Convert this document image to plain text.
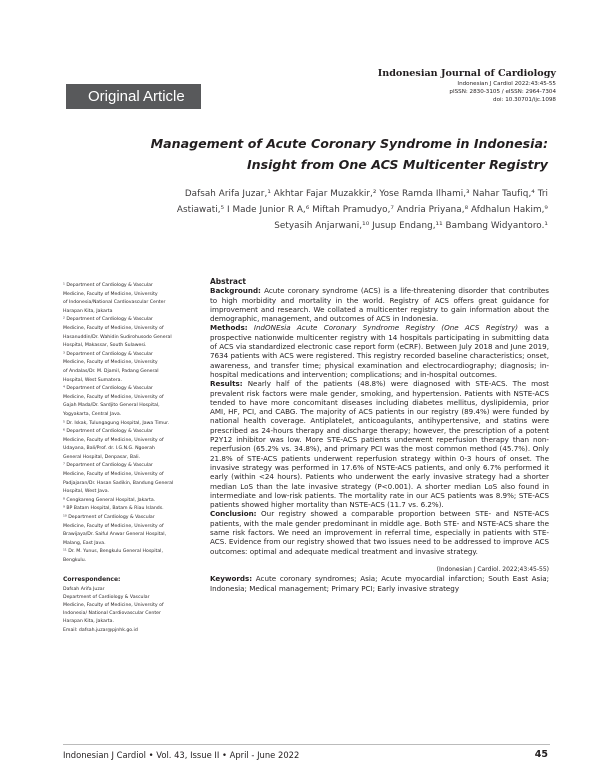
Indonesian Journal of Cardiology
Indonesian J Cardiol 2022:43:45-55
pISSN: 2830-3105 / eISSN: 2964-7304
doi: 10.30701/ijc.1098
Original Article
Management of Acute Coronary Syndrome in Indonesia:
Insight from One ACS Multicenter Registry
Dafsah Arifa Juzar,¹ Akhtar Fajar Muzakkir,² Yose Ramda Ilhami,³ Nahar Taufiq,⁴ Tri
Astiawati,⁵ I Made Junior R A,⁶ Miftah Pramudyo,⁷ Andria Priyana,⁸ Afdhalun Hakim,⁹
Setyasih Anjarwani,¹⁰ Jusup Endang,¹¹ Bambang Widyantoro.¹
¹ Department of Cardiology & Vascular
Medicine, Faculty of Medicine, University
of Indonesia/National Cardiovascular Center
Harapan Kita, Jakarta
² Department of Cardiology & Vascular
Medicine, Faculty of Medicine, University of
Hasanuddin/Dr. Wahidin Sudirohusodo General
Hospital, Makassar, South Sulawesi.
³ Department of Cardiology & Vascular
Medicine, Faculty of Medicine, University
of Andalas/Dr. M. Djamil, Padang General
Hospital, West Sumatera.
⁴ Department of Cardiology & Vascular
Medicine, Faculty of Medicine, University of
Gajah Mada/Dr. Sardjito General Hospital,
Yogyakarta, Central Java.
⁵ Dr. Iskak, Tulungagung Hospital, Jawa Timur.
⁶ Department of Cardiology & Vascular
Medicine, Faculty of Medicine, University of
Udayana, Bali/Prof. dr. I.G.N.G. Ngoerah
General Hospital, Denpasar, Bali.
⁷ Department of Cardiology & Vascular
Medicine, Faculty of Medicine, University of
Padjajaran/Dr. Hasan Sadikin, Bandung General
Hospital, West Java.
⁸ Cengkareng General Hospital, Jakarta.
⁹ BP Batam Hospital, Batam & Riau Islands.
¹⁰ Department of Cardiology & Vascular
Medicine, Faculty of Medicine, University of
Brawijaya/Dr. Saiful Anwar General Hospital,
Malang, East Java.
¹¹ Dr. M. Yunus, Bengkulu General Hospital,
Bengkulu.
Correspondence:
Dafsah Arifa Juzar
Department of Cardiology & Vascular
Medicine, Faculty of Medicine, University of
Indonesia/ National Cardiovascular Center
Harapan Kita, Jakarta.
Email: dafsah.juzar@pjnhk.go.id
Abstract

Background: Acute coronary syndrome (ACS) is a life-threatening disorder that contributes to high morbidity and mortality in the world. Registry of ACS offers great guidance for improvement and research. We collated a multicenter registry to gain information about the demographic, management, and outcomes of ACS in Indonesia.

Methods: IndONEsia Acute Coronary Syndrome Registry (One ACS Registry) was a prospective nationwide multicenter registry with 14 hospitals participating in submitting data of ACS via standardized electronic case report form (eCRF). Between July 2018 and June 2019, 7634 patients with ACS were registered. This registry recorded baseline characteristics; onset, awareness, and transfer time; physical examination and electrocardiography; diagnosis; in-hospital medications and intervention; complications; and in-hospital outcomes.

Results: Nearly half of the patients (48.8%) were diagnosed with STE-ACS. The most prevalent risk factors were male gender, smoking, and hypertension. Patients with NSTE-ACS tended to have more concomitant diseases including diabetes mellitus, dyslipidemia, prior AMI, HF, PCI, and CABG. The majority of ACS patients in our registry (89.4%) were funded by national health coverage. Antiplatelet, anticoagulants, antihypertensive, and statins were prescribed as 24-hours therapy and discharge therapy; however, the prescription of a potent P2Y12 inhibitor was low. More STE-ACS patients underwent reperfusion therapy than non-reperfusion (65.2% vs. 34.8%), and primary PCI was the most common method (45.7%). Only 21.8% of STE-ACS patients underwent reperfusion strategy within 0-3 hours of onset. The invasive strategy was performed in 17.6% of NSTE-ACS patients, and only 6.7% performed it early (within <24 hours). Patients who underwent the early invasive strategy had a shorter median LoS than the late invasive strategy (P<0.001). A shorter median LoS also found in intermediate and low-risk patients. The mortality rate in our ACS patients was 8.9%; STE-ACS patients showed higher mortality than NSTE-ACS (11.7 vs. 6.2%).

Conclusion: Our registry showed a comparable proportion between STE- and NSTE-ACS patients, with the male gender predominant in middle age. Both STE- and NSTE-ACS share the same risk factors. We need an improvement in referral time, especially in patients with STE-ACS. Evidence from our registry showed that two issues need to be addressed to improve ACS outcomes: optimal and adequate medical treatment and invasive strategy.

(Indonesian J Cardiol. 2022;43:45-55)

Keywords: Acute coronary syndromes; Asia; Acute myocardial infarction; South East Asia; Indonesia; Medical management; Primary PCI; Early invasive strategy

Indonesian J Cardiol • Vol. 43, Issue II • April - June 2022	45
